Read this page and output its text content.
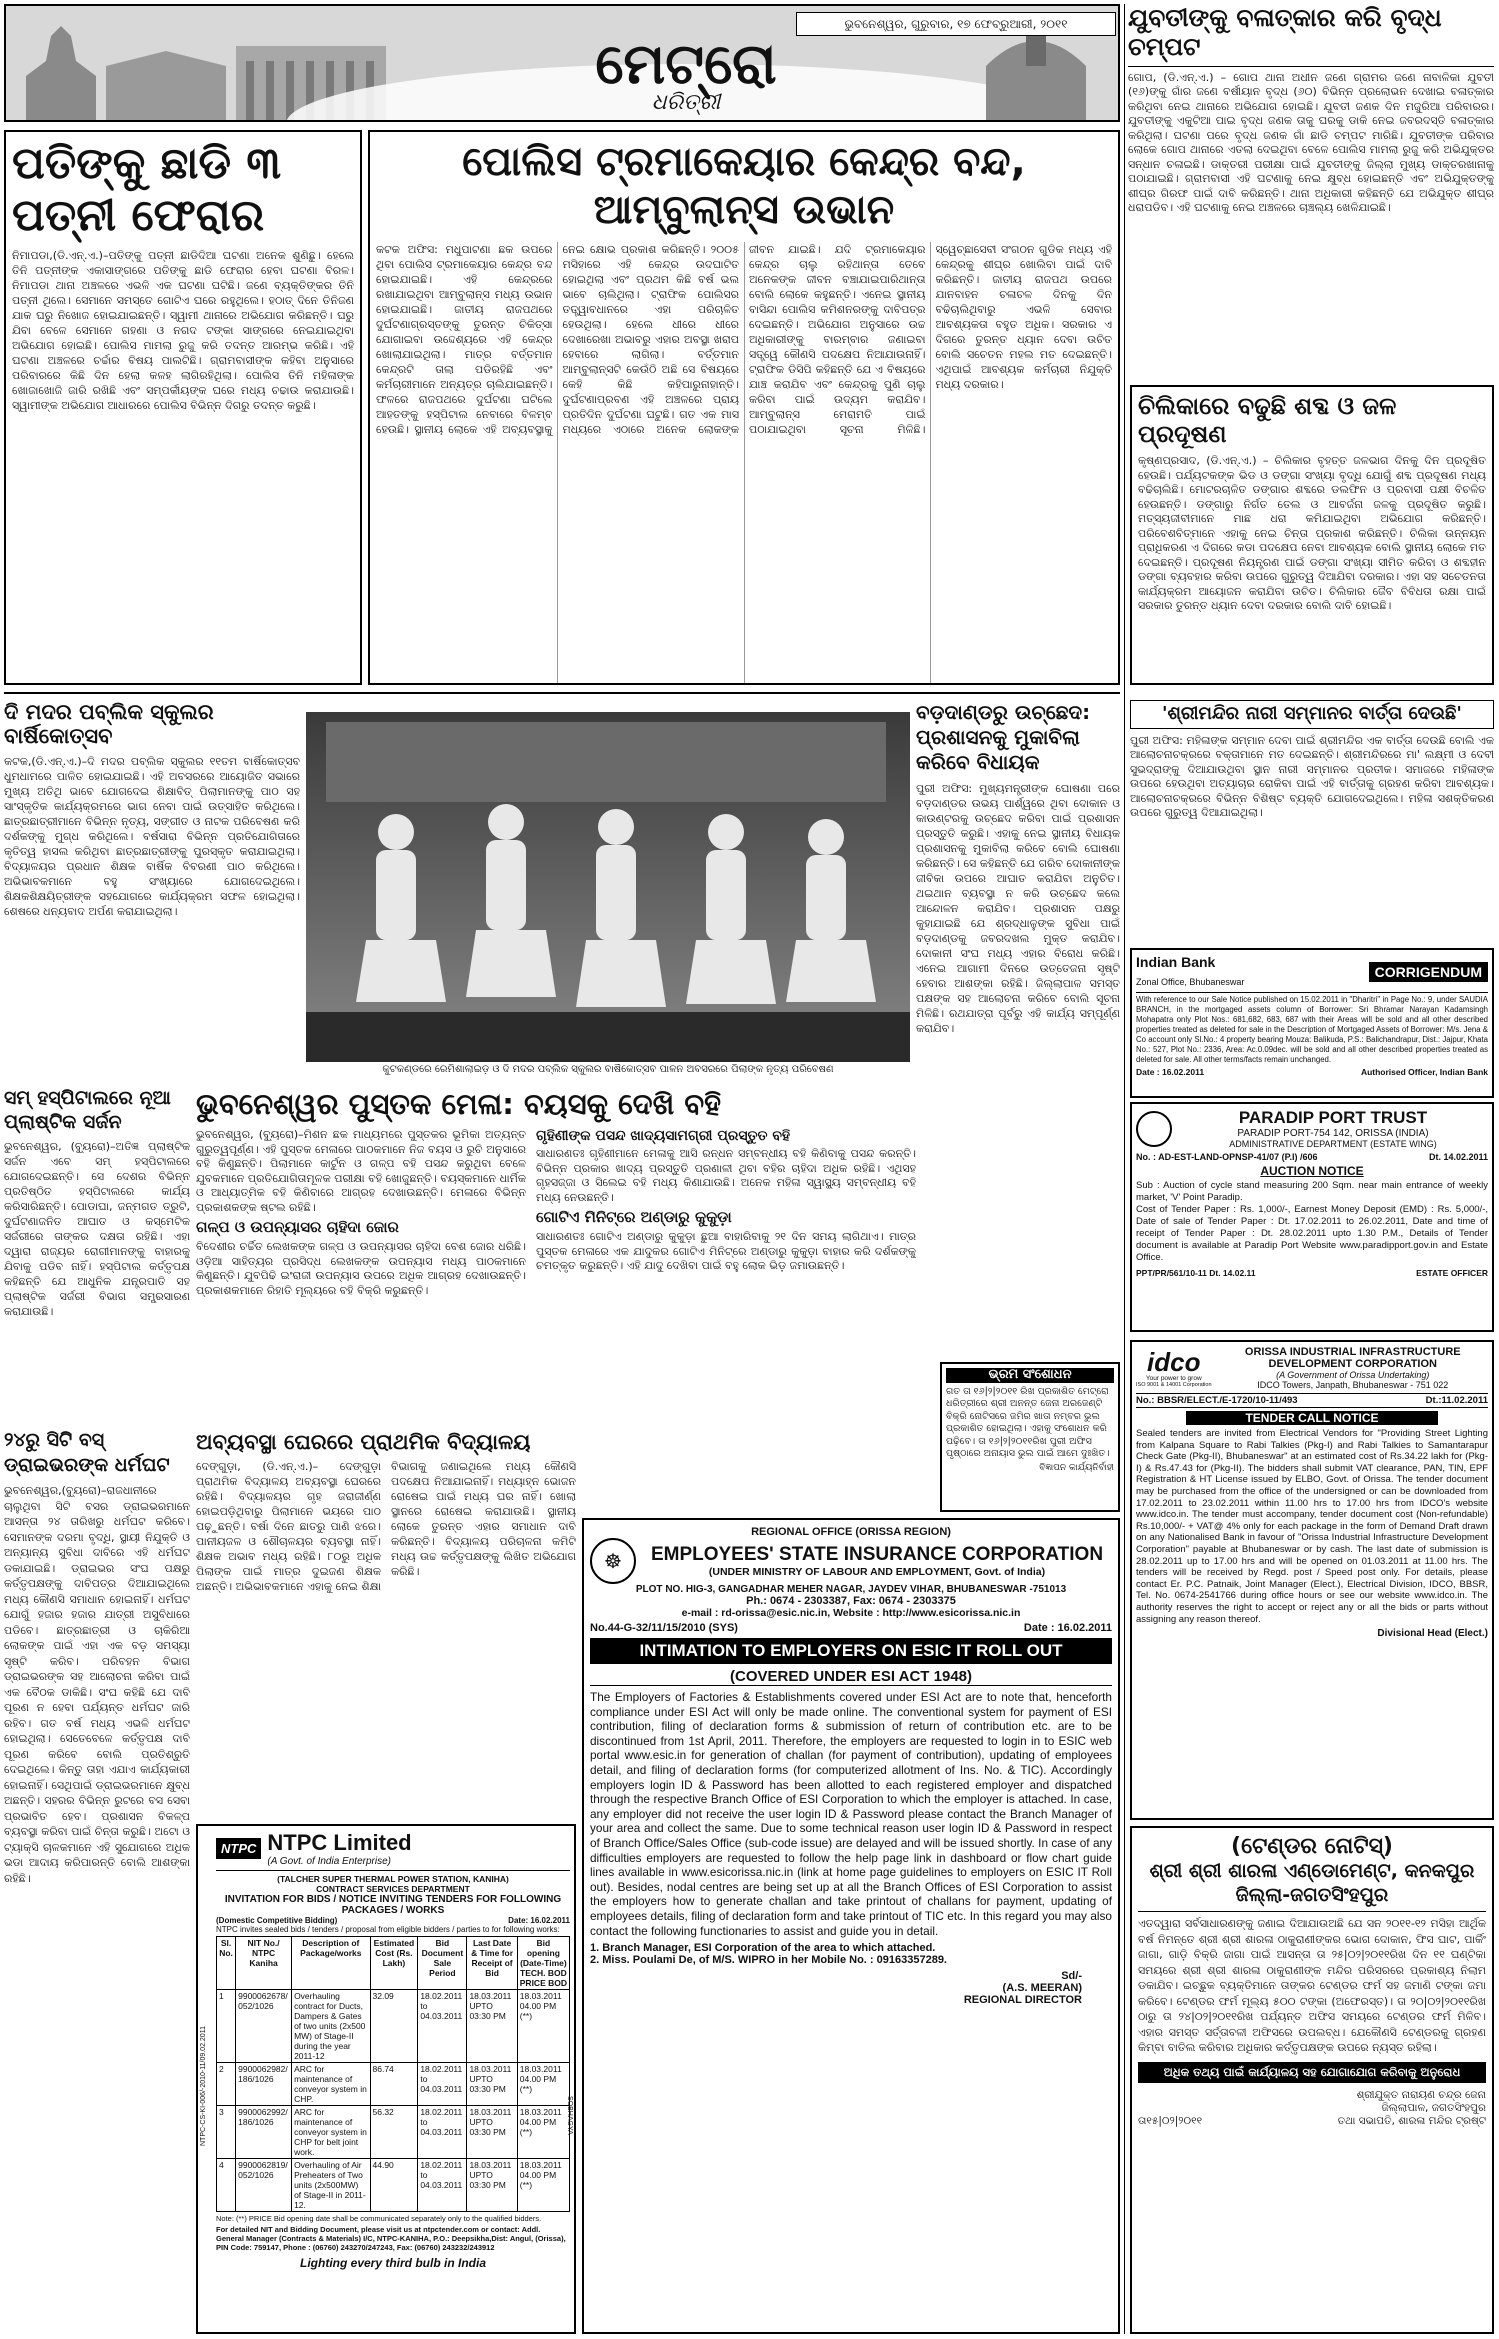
ଭୁବନେଶ୍ୱର, ଗୁରୁବାର, ୧୭ ଫେବ୍ରୁଆରୀ, ୨୦୧୧
ମେଟ୍ରୋ
ଧରିତ୍ରୀ
ଯୁବତୀଙ୍କୁ ବଳାତ୍କାର କରି ବୃଦ୍ଧ ଚମ୍ପଟ
ଗୋପ, (ଡି.ଏନ୍.ଏ.) – ଗୋପ ଥାନା ଅଧୀନ ଜଣେ ଗ୍ରାମର ଜଣେ ନାବାଳିକା ଯୁବତୀ (୧୬)ଙ୍କୁ ଗାଁର ଜଣେ ବର୍ଷୀୟାନ ବୃଦ୍ଧ (୬୦) ବିଭିନ୍ନ ପ୍ରଲୋଭନ ଦେଖାଇ ବଳାତ୍କାର କରିଥିବା ନେଇ ଥାନାରେ ଅଭିଯୋଗ ହୋଇଛି। ଯୁବତୀ ଜଣକ ଦିନ ମଜୁରିଆ ପରିବାରର। ଯୁବତୀଙ୍କୁ ଏକୁଟିଆ ପାଇ ବୃଦ୍ଧ ଜଣକ ତାକୁ ଘରକୁ ଡାକି ନେଇ ଜବରଦସ୍ତି ବଳାତ୍କାର କରିଥିଲା। ଘଟଣା ପରେ ବୃଦ୍ଧ ଜଣକ ଗାଁ ଛାଡି ଚମ୍ପଟ ମାରିଛି। ଯୁବତୀଙ୍କ ପରିବାର ଲୋକେ ଗୋପ ଥାନାରେ ଏତଲା ଦେଇଥିବା ବେଳେ ପୋଲିସ ମାମଲା ରୁଜୁ କରି ଅଭିଯୁକ୍ତର ସନ୍ଧାନ ଚଳାଇଛି। ଡାକ୍ତରୀ ପରୀକ୍ଷା ପାଇଁ ଯୁବତୀଙ୍କୁ ଜିଲ୍ଲା ମୁଖ୍ୟ ଡାକ୍ତରଖାନାକୁ ପଠାଯାଇଛି। ଗ୍ରାମବାସୀ ଏହି ଘଟଣାକୁ ନେଇ କ୍ଷୁବ୍ଧ ହୋଇଛନ୍ତି ଏବଂ ଅଭିଯୁକ୍ତଙ୍କୁ ଶୀଘ୍ର ଗିରଫ ପାଇଁ ଦାବି କରିଛନ୍ତି। ଥାନା ଅଧିକାରୀ କହିଛନ୍ତି ଯେ ଅଭିଯୁକ୍ତ ଶୀଘ୍ର ଧରାପଡିବ। ଏହି ଘଟଣାକୁ ନେଇ ଅଞ୍ଚଳରେ ଚାଞ୍ଚଲ୍ୟ ଖେଳିଯାଇଛି।
ପତିଙ୍କୁ ଛାଡି ୩ ପତ୍ନୀ ଫେରାର
ନିମାପଡା,(ଡି.ଏନ୍.ଏ.)–ପତିଙ୍କୁ ପତ୍ନୀ ଛାଡିଦିଆ ଘଟଣା ଅନେକ ଶୁଣିଛୁ। ହେଲେ ତିନି ପତ୍ନୀଙ୍କ ଏକାସାଙ୍ଗରେ ପତିଙ୍କୁ ଛାଡି ଫେରାର ହେବା ଘଟଣା ବିରଳ। ନିମାପଡା ଥାନା ଅଞ୍ଚଳରେ ଏଭଳି ଏକ ଘଟଣା ଘଟିଛି। ଜଣେ ବ୍ୟକ୍ତିଙ୍କର ତିନି ପତ୍ନୀ ଥିଲେ। ସେମାନେ ସମସ୍ତେ ଗୋଟିଏ ଘରେ ରହୁଥିଲେ। ହଠାତ୍ ଦିନେ ତିନିଜଣ ଯାକ ଘରୁ ନିଖୋଜ ହୋଇଯାଇଛନ୍ତି। ସ୍ୱାମୀ ଥାନାରେ ଅଭିଯୋଗ କରିଛନ୍ତି। ଘରୁ ଯିବା ବେଳେ ସେମାନେ ଗହଣା ଓ ନଗଦ ଟଙ୍କା ସାଙ୍ଗରେ ନେଇଯାଇଥିବା ଅଭିଯୋଗ ହୋଇଛି। ପୋଲିସ ମାମଲା ରୁଜୁ କରି ତଦନ୍ତ ଆରମ୍ଭ କରିଛି। ଏହି ଘଟଣା ଅଞ୍ଚଳରେ ଚର୍ଚ୍ଚାର ବିଷୟ ପାଲଟିଛି। ଗ୍ରାମବାସୀଙ୍କ କହିବା ଅନୁସାରେ ପରିବାରରେ କିଛି ଦିନ ହେଲା କଳହ ଲାଗିରହିଥିଲା। ପୋଲିସ ତିନି ମହିଳାଙ୍କ ଖୋଜାଖୋଜି ଜାରି ରଖିଛି ଏବଂ ସମ୍ପର୍କୀୟଙ୍କ ଘରେ ମଧ୍ୟ ଚଢାଉ କରାଯାଉଛି। ସ୍ୱାମୀଙ୍କ ଅଭିଯୋଗ ଆଧାରରେ ପୋଲିସ ବିଭିନ୍ନ ଦିଗରୁ ତଦନ୍ତ କରୁଛି।
ପୋଲିସ ଟ୍ରମାକେୟାର କେନ୍ଦ୍ର ବନ୍ଦ, ଆମ୍ବୁଲାନ୍ସ ଉଭାନ
କଟକ ଅଫିସ: ମଧୁପାଟଣା ଛକ ଉପରେ ଥିବା ପୋଲିସ ଟ୍ରମାକେୟାର କେନ୍ଦ୍ର ବନ୍ଦ ହୋଇଯାଇଛି। ଏହି କେନ୍ଦ୍ରରେ ରଖାଯାଇଥିବା ଆମ୍ବୁଲାନ୍ସ ମଧ୍ୟ ଉଭାନ ହୋଇଯାଇଛି। ଜାତୀୟ ରାଜପଥରେ ଦୁର୍ଘଟଣାଗ୍ରସ୍ତଙ୍କୁ ତୁରନ୍ତ ଚିକିତ୍ସା ଯୋଗାଇବା ଉଦ୍ଦେଶ୍ୟରେ ଏହି କେନ୍ଦ୍ର ଖୋଲାଯାଇଥିଲା। ମାତ୍ର ବର୍ତ୍ତମାନ କେନ୍ଦ୍ରଟି ତାଲା ପଡିରହିଛି ଏବଂ କର୍ମଚାରୀମାନେ ଅନ୍ୟତ୍ର ଚାଲିଯାଇଛନ୍ତି। ଫଳରେ ରାଜପଥରେ ଦୁର୍ଘଟଣା ଘଟିଲେ ଆହତଙ୍କୁ ହସ୍ପିଟାଲ ନେବାରେ ବିଳମ୍ବ ହେଉଛି। ସ୍ଥାନୀୟ ଲୋକେ ଏହି ଅବ୍ୟବସ୍ଥାକୁ ନେଇ କ୍ଷୋଭ ପ୍ରକାଶ କରିଛନ୍ତି। ୨୦୦୫ ମସିହାରେ ଏହି କେନ୍ଦ୍ର ଉଦଘାଟିତ ହୋଇଥିଲା ଏବଂ ପ୍ରଥମ କିଛି ବର୍ଷ ଭଲ ଭାବେ ଚାଲିଥିଲା। ଟ୍ରାଫିକ ପୋଲିସର ତତ୍ତ୍ୱାବଧାନରେ ଏହା ପରିଚାଳିତ ହେଉଥିଲା। ହେଲେ ଧୀରେ ଧୀରେ ଦେଖାରେଖା ଅଭାବରୁ ଏହାର ଅବସ୍ଥା ଖରାପ ହେବାରେ ଲାଗିଲା। ବର୍ତ୍ତମାନ ଆମ୍ବୁଲାନ୍ସଟି କେଉଁଠି ଅଛି ସେ ବିଷୟରେ କେହି କିଛି କହିପାରୁନାହାନ୍ତି। ଦୁର୍ଘଟଣାପ୍ରବଣ ଏହି ଅଞ୍ଚଳରେ ପ୍ରାୟ ପ୍ରତିଦିନ ଦୁର୍ଘଟଣା ଘଟୁଛି। ଗତ ଏକ ମାସ ମଧ୍ୟରେ ଏଠାରେ ଅନେକ ଲୋକଙ୍କ ଜୀବନ ଯାଇଛି। ଯଦି ଟ୍ରମାକେୟାର କେନ୍ଦ୍ର ଚାଲୁ ରହିଥାନ୍ତା ତେବେ ଅନେକଙ୍କ ଜୀବନ ବଞ୍ଚାଯାଇପାରିଥାନ୍ତା ବୋଲି ଲୋକେ କହୁଛନ୍ତି। ଏନେଇ ସ୍ଥାନୀୟ ବାସିନ୍ଦା ପୋଲିସ କମିଶନରଙ୍କୁ ଦାବିପତ୍ର ଦେଇଛନ୍ତି। ଅଭିଯୋଗ ଅନୁସାରେ ଉଚ୍ଚ ଅଧିକାରୀଙ୍କୁ ବାରମ୍ବାର ଜଣାଇବା ସତ୍ତ୍ୱେ କୌଣସି ପଦକ୍ଷେପ ନିଆଯାଉନାହିଁ। ଟ୍ରାଫିକ ଡିସିପି କହିଛନ୍ତି ଯେ ଏ ବିଷୟରେ ଯାଞ୍ଚ କରାଯିବ ଏବଂ କେନ୍ଦ୍ରକୁ ପୁଣି ଚାଲୁ କରିବା ପାଇଁ ଉଦ୍ୟମ କରାଯିବ। ଆମ୍ବୁଲାନ୍ସ ମେରାମତି ପାଇଁ ପଠାଯାଇଥିବା ସୂଚନା ମିଳିଛି। ସ୍ୱେଚ୍ଛାସେବୀ ସଂଗଠନ ଗୁଡିକ ମଧ୍ୟ ଏହି କେନ୍ଦ୍ରକୁ ଶୀଘ୍ର ଖୋଲିବା ପାଇଁ ଦାବି କରିଛନ୍ତି। ଜାତୀୟ ରାଜପଥ ଉପରେ ଯାନବାହନ ଚଳାଚଳ ଦିନକୁ ଦିନ ବଢିଚାଲିଥିବାରୁ ଏଭଳି ସେବାର ଆବଶ୍ୟକତା ବହୁତ ଅଧିକ। ସରକାର ଏ ଦିଗରେ ତୁରନ୍ତ ଧ୍ୟାନ ଦେବା ଉଚିତ ବୋଲି ସଚେତନ ମହଲ ମତ ଦେଇଛନ୍ତି। ଏଥିପାଇଁ ଆବଶ୍ୟକ କର୍ମଚାରୀ ନିଯୁକ୍ତି ମଧ୍ୟ ଦରକାର।
ଚିଲିକାରେ ବଢୁଛି ଶବ୍ଦ ଓ ଜଳ ପ୍ରଦୂଷଣ
କୃଷ୍ଣପ୍ରସାଦ, (ଡି.ଏନ୍.ଏ.) – ଚିଲିକାର ବୃହତ୍ତ ଜଳଭାଗ ଦିନକୁ ଦିନ ପ୍ରଦୂଷିତ ହେଉଛି। ପର୍ଯ୍ୟଟକଙ୍କ ଭିଡ ଓ ଡଙ୍ଗା ସଂଖ୍ୟା ବୃଦ୍ଧି ଯୋଗୁଁ ଶବ୍ଦ ପ୍ରଦୂଷଣ ମଧ୍ୟ ବଢିଚାଲିଛି। ମୋଟରଚାଳିତ ଡଙ୍ଗାର ଶବ୍ଦରେ ଡଲଫିନ ଓ ପ୍ରବାସୀ ପକ୍ଷୀ ବିଚଳିତ ହେଉଛନ୍ତି। ଡଙ୍ଗାରୁ ନିର୍ଗତ ତେଲ ଓ ଆବର୍ଜନା ଜଳକୁ ପ୍ରଦୂଷିତ କରୁଛି। ମତ୍ସ୍ୟଜୀବୀମାନେ ମାଛ ଧରା କମିଯାଇଥିବା ଅଭିଯୋଗ କରିଛନ୍ତି। ପରିବେଶବିତ୍‌ମାନେ ଏହାକୁ ନେଇ ଚିନ୍ତା ପ୍ରକାଶ କରିଛନ୍ତି। ଚିଲିକା ଉନ୍ନୟନ ପ୍ରାଧିକରଣ ଏ ଦିଗରେ କଡା ପଦକ୍ଷେପ ନେବା ଆବଶ୍ୟକ ବୋଲି ସ୍ଥାନୀୟ ଲୋକେ ମତ ଦେଇଛନ୍ତି। ପ୍ରଦୂଷଣ ନିୟନ୍ତ୍ରଣ ପାଇଁ ଡଙ୍ଗା ସଂଖ୍ୟା ସୀମିତ କରିବା ଓ ଶବ୍ଦହୀନ ଡଙ୍ଗା ବ୍ୟବହାର କରିବା ଉପରେ ଗୁରୁତ୍ୱ ଦିଆଯିବା ଦରକାର। ଏହା ସହ ସଚେତନତା କାର୍ଯ୍ୟକ୍ରମ ଆୟୋଜନ କରାଯିବା ଉଚିତ। ଚିଲିକାର ଜୈବ ବିବିଧତା ରକ୍ଷା ପାଇଁ ସରକାର ତୁରନ୍ତ ଧ୍ୟାନ ଦେବା ଦରକାର ବୋଲି ଦାବି ହୋଇଛି।
ଦି ମଦର ପବ୍ଲିକ ସ୍କୁଲର ବାର୍ଷିକୋତ୍ସବ
କଟକ,(ଡି.ଏନ୍.ଏ.)–ଦି ମଦର ପବ୍ଲିକ ସ୍କୁଲର ୧୧ତମ ବାର୍ଷିକୋତ୍ସବ ଧୁମଧାମରେ ପାଳିତ ହୋଇଯାଇଛି। ଏହି ଅବସରରେ ଆୟୋଜିତ ସଭାରେ ମୁଖ୍ୟ ଅତିଥି ଭାବେ ଯୋଗଦେଇ ଶିକ୍ଷାବିତ୍ ପିଲାମାନଙ୍କୁ ପାଠ ସହ ସାଂସ୍କୃତିକ କାର୍ଯ୍ୟକ୍ରମରେ ଭାଗ ନେବା ପାଇଁ ଉତ୍ସାହିତ କରିଥିଲେ। ଛାତ୍ରଛାତ୍ରୀମାନେ ବିଭିନ୍ନ ନୃତ୍ୟ, ସଙ୍ଗୀତ ଓ ନାଟକ ପରିବେଷଣ କରି ଦର୍ଶକଙ୍କୁ ମୁଗ୍ଧ କରିଥିଲେ। ବର୍ଷସାରା ବିଭିନ୍ନ ପ୍ରତିଯୋଗିତାରେ କୃତିତ୍ୱ ହାସଲ କରିଥିବା ଛାତ୍ରଛାତ୍ରୀଙ୍କୁ ପୁରସ୍କୃତ କରାଯାଇଥିଲା। ବିଦ୍ୟାଳୟର ପ୍ରଧାନ ଶିକ୍ଷକ ବାର୍ଷିକ ବିବରଣୀ ପାଠ କରିଥିଲେ। ଅଭିଭାବକମାନେ ବହୁ ସଂଖ୍ୟାରେ ଯୋଗଦେଇଥିଲେ। ଶିକ୍ଷକଶିକ୍ଷୟିତ୍ରୀଙ୍କ ସହଯୋଗରେ କାର୍ଯ୍ୟକ୍ରମ ସଫଳ ହୋଇଥିଲା। ଶେଷରେ ଧନ୍ୟବାଦ ଅର୍ପଣ କରାଯାଇଥିଲା।
କୁଟକଣ୍ଡରେ ରେମିଶାଲାଇଡ଼ ଓ ଦି ମଦର ପବ୍ଲିକ ସ୍କୁଲର ବାର୍ଷିକୋତ୍ସବ ପାଳନ ଅବସରରେ ପିଲାଙ୍କ ନୃତ୍ୟ ପରିବେଷଣ
ବଡ଼ଦାଣ୍ଡରୁ ଉଚ୍ଛେଦ: ପ୍ରଶାସନକୁ ମୁକାବିଲା କରିବେ ବିଧାୟକ
ପୁରୀ ଅଫିସ: ମୁଖ୍ୟମନ୍ତ୍ରୀଙ୍କ ଘୋଷଣା ପରେ ବଡ଼ଦାଣ୍ଡର ଉଭୟ ପାର୍ଶ୍ୱରେ ଥିବା ଦୋକାନ ଓ କାଉଣ୍ଟରକୁ ଉଚ୍ଛେଦ କରିବା ପାଇଁ ପ୍ରଶାସନ ପ୍ରସ୍ତୁତି କରୁଛି। ଏହାକୁ ନେଇ ସ୍ଥାନୀୟ ବିଧାୟକ ପ୍ରଶାସନକୁ ମୁକାବିଲା କରିବେ ବୋଲି ଘୋଷଣା କରିଛନ୍ତି। ସେ କହିଛନ୍ତି ଯେ ଗରିବ ଦୋକାନୀଙ୍କ ଜୀବିକା ଉପରେ ଆଘାତ କରାଯିବା ଅନୁଚିତ। ଥଇଥାନ ବ୍ୟବସ୍ଥା ନ କରି ଉଚ୍ଛେଦ କଲେ ଆନ୍ଦୋଳନ କରାଯିବ। ପ୍ରଶାସନ ପକ୍ଷରୁ କୁହାଯାଇଛି ଯେ ଶ୍ରଦ୍ଧାଳୁଙ୍କ ସୁବିଧା ପାଇଁ ବଡ଼ଦାଣ୍ଡକୁ ଜବରଦଖଲ ମୁକ୍ତ କରାଯିବ। ଦୋକାନୀ ସଂଘ ମଧ୍ୟ ଏହାର ବିରୋଧ କରିଛି। ଏନେଇ ଆଗାମୀ ଦିନରେ ଉତ୍ତେଜନା ସୃଷ୍ଟି ହେବାର ଆଶଙ୍କା ରହିଛି। ଜିଲ୍ଲାପାଳ ସମସ୍ତ ପକ୍ଷଙ୍କ ସହ ଆଲୋଚନା କରିବେ ବୋଲି ସୂଚନା ମିଳିଛି। ରଥଯାତ୍ରା ପୂର୍ବରୁ ଏହି କାର୍ଯ୍ୟ ସମ୍ପୂର୍ଣ୍ଣ କରାଯିବ।
'ଶ୍ରୀମନ୍ଦିର ନାରୀ ସମ୍ମାନର ବାର୍ତ୍ତା ଦେଉଛି'
ପୁରୀ ଅଫିସ: ମହିଳାଙ୍କ ସମ୍ମାନ ଦେବା ପାଇଁ ଶ୍ରୀମନ୍ଦିର ଏକ ବାର୍ତ୍ତା ଦେଉଛି ବୋଲି ଏକ ଆଲୋଚନାଚକ୍ରରେ ବକ୍ତାମାନେ ମତ ଦେଇଛନ୍ତି। ଶ୍ରୀମନ୍ଦିରରେ ମା' ଲକ୍ଷ୍ମୀ ଓ ଦେବୀ ସୁଭଦ୍ରାଙ୍କୁ ଦିଆଯାଉଥିବା ସ୍ଥାନ ନାରୀ ସମ୍ମାନର ପ୍ରତୀକ। ସମାଜରେ ମହିଳାଙ୍କ ଉପରେ ହେଉଥିବା ଅତ୍ୟାଚାର ରୋକିବା ପାଇଁ ଏହି ବାର୍ତ୍ତାକୁ ଗ୍ରହଣ କରିବା ଆବଶ୍ୟକ। ଆଲୋଚନାଚକ୍ରରେ ବିଭିନ୍ନ ବିଶିଷ୍ଟ ବ୍ୟକ୍ତି ଯୋଗଦେଇଥିଲେ। ମହିଳା ସଶକ୍ତିକରଣ ଉପରେ ଗୁରୁତ୍ୱ ଦିଆଯାଇଥିଲା।
Indian Bank
Zonal Office, Bhubaneswar
CORRIGENDUM
With reference to our Sale Notice published on 15.02.2011 in "Dharitri" in Page No.: 9, under SAUDIA BRANCH, in the mortgaged assets column of Borrower: Sri Bhramar Narayan Kadamsingh Mohapatra only Plot Nos.: 681,682, 683, 687 with their Areas will be sold and all other described properties treated as deleted for sale in the Description of Mortgaged Assets of Borrower: M/s. Jena & Co account only Sl.No.: 4 property bearing Mouza: Balikuda, P.S.: Balichandrapur, Dist.: Jajpur, Khata No.: 527, Plot No.: 2336, Area: Ac.0.09dec. will be sold and all other described properties treated as deleted for sale. All other terms/facts remain unchanged.
Date : 16.02.2011	Authorised Officer, Indian Bank
PARADIP PORT TRUST
PARADIP PORT-754 142, ORISSA (INDIA)
ADMINISTRATIVE DEPARTMENT (ESTATE WING)
No. : AD-EST-LAND-OPNSP-41/07 (P.I) /606	Dt. 14.02.2011
AUCTION NOTICE
Sub : Auction of cycle stand measuring 200 Sqm. near main entrance of weekly market, 'V' Point Paradip.
Cost of Tender Paper : Rs. 1,000/-, Earnest Money Deposit (EMD) : Rs. 5,000/-, Date of sale of Tender Paper : Dt. 17.02.2011 to 26.02.2011, Date and time of receipt of Tender Paper : Dt. 28.02.2011 upto 1.30 P.M., Details of Tender document is available at Paradip Port Website www.paradipport.gov.in and Estate Office.
PPT/PR/561/10-11 Dt. 14.02.11	ESTATE OFFICER
ସମ୍ ହସ୍ପିଟାଲରେ ନୂଆ ପ୍ଲାଷ୍ଟିକ ସର୍ଜନ
ଭୁବନେଶ୍ୱର, (ବ୍ୟୁରୋ)–ଅତିଜ୍ଞ ପ୍ଲାଷ୍ଟିକ ସର୍ଜନ ଏବେ ସମ୍ ହସ୍ପିଟାଲରେ ଯୋଗଦେଇଛନ୍ତି। ସେ ଦେଶର ବିଭିନ୍ନ ପ୍ରତିଷ୍ଠିତ ହସ୍ପିଟାଲରେ କାର୍ଯ୍ୟ କରିସାରିଛନ୍ତି। ପୋଡାଘା, ଜନ୍ମଗତ ତ୍ରୁଟି, ଦୁର୍ଘଟଣାଜନିତ ଆଘାତ ଓ କସ୍ମେଟିକ ସର୍ଜରୀରେ ତାଙ୍କର ଦକ୍ଷତା ରହିଛି। ଏହା ଦ୍ୱାରା ରାଜ୍ୟର ରୋଗୀମାନଙ୍କୁ ବାହାରକୁ ଯିବାକୁ ପଡିବ ନାହିଁ। ହସ୍ପିଟାଲ କର୍ତ୍ତୃପକ୍ଷ କହିଛନ୍ତି ଯେ ଆଧୁନିକ ଯନ୍ତ୍ରପାତି ସହ ପ୍ଲାଷ୍ଟିକ ସର୍ଜରୀ ବିଭାଗ ସମ୍ପ୍ରସାରଣ କରାଯାଉଛି।
ଭୁବନେଶ୍ୱର ପୁସ୍ତକ ମେଳା: ବୟସକୁ ଦେଖି ବହି
ଭୁବନେଶ୍ୱର, (ବ୍ୟୁରୋ)–ମିଶନ ଛକ ମାଧ୍ୟମରେ ପୁସ୍ତକର ଭୂମିକା ଅତ୍ୟନ୍ତ ଗୁରୁତ୍ୱପୂର୍ଣ୍ଣ। ଏହି ପୁସ୍ତକ ମେଳାରେ ପାଠକମାନେ ନିଜ ବୟସ ଓ ରୁଚି ଅନୁସାରେ ବହି କିଣୁଛନ୍ତି। ପିଲାମାନେ କାର୍ଟୁନ ଓ ଗଳ୍ପ ବହି ପସନ୍ଦ କରୁଥିବା ବେଳେ ଯୁବକମାନେ ପ୍ରତିଯୋଗିତାମୂଳକ ପରୀକ୍ଷା ବହି ଖୋଜୁଛନ୍ତି। ବୟସ୍କମାନେ ଧାର୍ମିକ ଓ ଆଧ୍ୟାତ୍ମିକ ବହି କିଣିବାରେ ଆଗ୍ରହ ଦେଖାଉଛନ୍ତି। ମେଳାରେ ବିଭିନ୍ନ ପ୍ରକାଶକଙ୍କ ଷ୍ଟଲ ରହିଛି।
ଗଳ୍ପ ଓ ଉପନ୍ୟାସର ଚାହିଦା ଜୋର
ବିଦେଶୀର ଚର୍ଚ୍ଚିତ ଲେଖକଙ୍କ ଗଳ୍ପ ଓ ଉପନ୍ୟାସର ଚାହିଦା ବେଶ ଜୋର ଧରିଛି। ଓଡ଼ିଆ ସାହିତ୍ୟର ପ୍ରସିଦ୍ଧ ଲେଖକଙ୍କ ଉପନ୍ୟାସ ମଧ୍ୟ ପାଠକମାନେ କିଣୁଛନ୍ତି। ଯୁବପିଢି ଇଂରାଜୀ ଉପନ୍ୟାସ ଉପରେ ଅଧିକ ଆଗ୍ରହ ଦେଖାଉଛନ୍ତି। ପ୍ରକାଶକମାନେ ରିହାତି ମୂଲ୍ୟରେ ବହି ବିକ୍ରି କରୁଛନ୍ତି।
ଗୃହିଣୀଙ୍କ ପସନ୍ଦ ଖାଦ୍ୟସାମଗ୍ରୀ ପ୍ରସ୍ତୁତ ବହି
ସାଧାରଣତଃ ଗୃହିଣୀମାନେ ମେଳାକୁ ଆସି ରନ୍ଧନ ସମ୍ବନ୍ଧୀୟ ବହି କିଣିବାକୁ ପସନ୍ଦ କରନ୍ତି। ବିଭିନ୍ନ ପ୍ରକାର ଖାଦ୍ୟ ପ୍ରସ୍ତୁତି ପ୍ରଣାଳୀ ଥିବା ବହିର ଚାହିଦା ଅଧିକ ରହିଛି। ଏଥିସହ ଗୃହସଜ୍ଜା ଓ ସିଲେଇ ବହି ମଧ୍ୟ କିଣାଯାଉଛି। ଅନେକ ମହିଳା ସ୍ୱାସ୍ଥ୍ୟ ସମ୍ବନ୍ଧୀୟ ବହି ମଧ୍ୟ ନେଉଛନ୍ତି।
ଗୋଟିଏ ମିନିଟ୍‌ରେ ଅଣ୍ଡାରୁ କୁକୁଡ଼ା
ସାଧାରଣତଃ ଗୋଟିଏ ଅଣ୍ଡାରୁ କୁକୁଡ଼ା ଛୁଆ ବାହାରିବାକୁ ୨୧ ଦିନ ସମୟ ଲାଗିଥାଏ। ମାତ୍ର ପୁସ୍ତକ ମେଳାରେ ଏକ ଯାଦୁକର ଗୋଟିଏ ମିନିଟ୍‌ରେ ଅଣ୍ଡାରୁ କୁକୁଡ଼ା ବାହାର କରି ଦର୍ଶକଙ୍କୁ ଚମତ୍କୃତ କରୁଛନ୍ତି। ଏହି ଯାଦୁ ଦେଖିବା ପାଇଁ ବହୁ ଲୋକ ଭିଡ଼ ଜମାଉଛନ୍ତି।
ଭ୍ରମ ସଂଶୋଧନ
ଗତ ତା ୧୬|୨|୨୦୧୧ ରିଖ ପ୍ରକାଶିତ ମେଟ୍ରୋ ଧରିତ୍ରୀରେ ଶ୍ରୀ ଅନନ୍ତ ଜେନା ଅରଜେଣ୍ଟି ବିକ୍ରି ନୋଟିସରେ ଜମିର ଖାତା ନମ୍ବର ଭୁଲ ପ୍ରକାଶିତ ହୋଇଥିଲା। ଏହାକୁ ସଂଶୋଧନ କରି ପଢ଼ିବେ। ତା ୧୬|୨|୨୦୧୧ରିଖ ପୁରୀ ଅଫିସ ପୃଷ୍ଠାରେ ଅନାୟାସ ଭୁଲ ପାଇଁ ଆମେ ଦୁଃଖିତ।
ବିଜ୍ଞାପନ କାର୍ଯ୍ୟନିର୍ବାହୀ
୨୪ରୁ ସିଟି ବସ୍ ଡ୍ରାଇଭରଙ୍କ ଧର୍ମଘଟ
ଭୁବନେଶ୍ୱର,(ବ୍ୟୁରୋ)–ରାଜଧାନୀରେ ଚାଲୁଥିବା ସିଟି ବସର ଡ୍ରାଇଭରମାନେ ଆସନ୍ତା ୨୪ ତାରିଖରୁ ଧର୍ମଘଟ କରିବେ। ସେମାନଙ୍କ ଦରମା ବୃଦ୍ଧି, ସ୍ଥାୟୀ ନିଯୁକ୍ତି ଓ ଅନ୍ୟାନ୍ୟ ସୁବିଧା ଦାବିରେ ଏହି ଧର୍ମଘଟ ଡକାଯାଇଛି। ଡ୍ରାଇଭର ସଂଘ ପକ୍ଷରୁ କର୍ତ୍ତୃପକ୍ଷଙ୍କୁ ଦାବିପତ୍ର ଦିଆଯାଇଥିଲେ ମଧ୍ୟ କୌଣସି ସମାଧାନ ହୋଇନାହିଁ। ଧର୍ମଘଟ ଯୋଗୁଁ ହଜାର ହଜାର ଯାତ୍ରୀ ଅସୁବିଧାରେ ପଡିବେ। ଛାତ୍ରଛାତ୍ରୀ ଓ ଚାକିରିଆ ଲୋକଙ୍କ ପାଇଁ ଏହା ଏକ ବଡ଼ ସମସ୍ୟା ସୃଷ୍ଟି କରିବ। ପରିବହନ ବିଭାଗ ଡ୍ରାଇଭରଙ୍କ ସହ ଆଲୋଚନା କରିବା ପାଇଁ ଏକ ବୈଠକ ଡାକିଛି। ସଂଘ କହିଛି ଯେ ଦାବି ପୂରଣ ନ ହେବା ପର୍ଯ୍ୟନ୍ତ ଧର୍ମଘଟ ଜାରି ରହିବ। ଗତ ବର୍ଷ ମଧ୍ୟ ଏଭଳି ଧର୍ମଘଟ ହୋଇଥିଲା। ସେତେବେଳେ କର୍ତ୍ତୃପକ୍ଷ ଦାବି ପୂରଣ କରିବେ ବୋଲି ପ୍ରତିଶ୍ରୁତି ଦେଇଥିଲେ। କିନ୍ତୁ ତାହା ଏଯାଏ କାର୍ଯ୍ୟକାରୀ ହୋଇନାହିଁ। ସେଥିପାଇଁ ଡ୍ରାଇଭରମାନେ କ୍ଷୁବ୍ଧ ଅଛନ୍ତି। ସହରର ବିଭିନ୍ନ ରୁଟରେ ବସ ସେବା ପ୍ରଭାବିତ ହେବ। ପ୍ରଶାସନ ବିକଳ୍ପ ବ୍ୟବସ୍ଥା କରିବା ପାଇଁ ଚିନ୍ତା କରୁଛି। ଅଟୋ ଓ ଟ୍ୟାକ୍ସି ଚାଳକମାନେ ଏହି ସୁଯୋଗରେ ଅଧିକ ଭଡା ଆଦାୟ କରିପାରନ୍ତି ବୋଲି ଆଶଙ୍କା ରହିଛି।
ଅବ୍ୟବସ୍ଥା ଘେରରେ ପ୍ରାଥମିକ ବିଦ୍ୟାଳୟ
ଦେଙ୍ଗୁଡ଼ା, (ଡି.ଏନ୍.ଏ.)– ଦେଙ୍ଗୁଡ଼ା ପ୍ରାଥମିକ ବିଦ୍ୟାଳୟ ଅବ୍ୟବସ୍ଥା ଘେରରେ ରହିଛି। ବିଦ୍ୟାଳୟର ଗୃହ ଜରାଜୀର୍ଣ୍ଣ ହୋଇପଡ଼ିଥିବାରୁ ପିଲାମାନେ ଭୟରେ ପାଠ ପଢ଼ୁଛନ୍ତି। ବର୍ଷା ଦିନେ ଛାତରୁ ପାଣି ଝରେ। ପାନୀୟଜଳ ଓ ଶୌଚାଳୟର ବ୍ୟବସ୍ଥା ନାହିଁ। ଶିକ୍ଷକ ଅଭାବ ମଧ୍ୟ ରହିଛି। ୮୦ରୁ ଅଧିକ ପିଲାଙ୍କ ପାଇଁ ମାତ୍ର ଦୁଇଜଣ ଶିକ୍ଷକ ଅଛନ୍ତି। ଅଭିଭାବକମାନେ ଏହାକୁ ନେଇ ଶିକ୍ଷା ବିଭାଗକୁ ଜଣାଇଥିଲେ ମଧ୍ୟ କୌଣସି ପଦକ୍ଷେପ ନିଆଯାଇନାହିଁ। ମଧ୍ୟାହ୍ନ ଭୋଜନ ରୋଷେଇ ପାଇଁ ମଧ୍ୟ ଘର ନାହିଁ। ଖୋଲା ସ୍ଥାନରେ ରୋଷେଇ କରାଯାଉଛି। ସ୍ଥାନୀୟ ଲୋକେ ତୁରନ୍ତ ଏହାର ସମାଧାନ ଦାବି କରିଛନ୍ତି। ବିଦ୍ୟାଳୟ ପରିଚାଳନା କମିଟି ମଧ୍ୟ ଉଚ୍ଚ କର୍ତ୍ତୃପକ୍ଷଙ୍କୁ ଲିଖିତ ଅଭିଯୋଗ କରିଛି।
REGIONAL OFFICE (ORISSA REGION)
☸	EMPLOYEES' STATE INSURANCE CORPORATION
(UNDER MINISTRY OF LABOUR AND EMPLOYMENT, Govt. of India)
PLOT NO. HIG-3, GANGADHAR MEHER NAGAR, JAYDEV VIHAR, BHUBANESWAR -751013
Ph.: 0674 - 2303387, Fax: 0674 - 2303375
e-mail : rd-orissa@esic.nic.in, Website : http://www.esicorissa.nic.in
No.44-G-32/11/15/2010 (SYS)	Date : 16.02.2011
INTIMATION TO EMPLOYERS ON ESIC IT ROLL OUT
(COVERED UNDER ESI ACT 1948)
The Employers of Factories & Establishments covered under ESI Act are to note that, henceforth compliance under ESI Act will only be made online. The conventional system for payment of ESI contribution, filing of declaration forms & submission of return of contribution etc. are to be discontinued from 1st April, 2011. Therefore, the employers are requested to login in to ESIC web portal www.esic.in for generation of challan (for payment of contribution), updating of employees detail, and filing of declaration forms (for computerized allotment of Ins. No. & TIC). Accordingly employers login ID & Password has been allotted to each registered employer and dispatched through the respective Branch Office of ESI Corporation to which the employer is attached. In case, any employer did not receive the user login ID & Password please contact the Branch Manager of your area and collect the same. Due to some technical reason user login ID & Password in respect of Branch Office/Sales Office (sub-code issue) are delayed and will be issued shortly. In case of any difficulties employers are requested to follow the help page link in dashboard or flow chart guide lines available in www.esicorissa.nic.in (link at home page guidelines to employers on ESIC IT Roll out). Besides, nodal centres are being set up at all the Branch Offices of ESI Corporation to assist the employers how to generate challan and take printout of challans for payment, updating of employees details, filing of declaration form and take printout of TIC etc. In this regard you may also contact the following functionaries to assist and guide you in detail.
1. Branch Manager, ESI Corporation of the area to which attached.
2. Miss. Poulami De, of M/S. WIPRO in her Mobile No. : 09163357289.
Sd/-
(A.S. MEERAN)
REGIONAL DIRECTOR
NTPC-CS-KI-006/-2010-11/09.02.2011
NTPC NTPC Limited
(A Govt. of India Enterprise)
(TALCHER SUPER THERMAL POWER STATION, KANIHA)
CONTRACT SERVICES DEPARTMENT
INVITATION FOR BIDS / NOTICE INVITING TENDERS FOR FOLLOWING PACKAGES / WORKS
(Domestic Competitive Bidding)	Date: 16.02.2011
NTPC invites sealed bids / tenders / proposal from eligible bidders / parties to for following works:
Sl. No.	NIT No./ NTPC Kaniha	Description of Package/works	Estimated Cost (Rs. Lakh)	Bid Document Sale Period	Last Date & Time for Receipt of Bid	Bid opening (Date-Time) TECH. BOD PRICE BOD
1	9900062678/ 052/1026	Overhauling contract for Ducts, Dampers & Gates of two units (2x500 MW) of Stage-II during the year 2011-12	32.09	18.02.2011 to 04.03.2011	18.03.2011 UPTO 03:30 PM	18.03.2011 04.00 PM (**)
2	9900062982/ 186/1026	ARC for maintenance of conveyor system in CHP.	86.74	18.02.2011 to 04.03.2011	18.03.2011 UPTO 03:30 PM	18.03.2011 04.00 PM (**)
3	9900062992/ 186/1026	ARC for maintenance of conveyor system in CHP for belt joint work.	56.32	18.02.2011 to 04.03.2011	18.03.2011 UPTO 03:30 PM	18.03.2011 04.00 PM (**)
4	9900062819/ 052/1026	Overhauling of Air Preheaters of Two units (2x500MW) of Stage-II in 2011-12.	44.90	18.02.2011 to 04.03.2011	18.03.2011 UPTO 03:30 PM	18.03.2011 04.00 PM (**)
Note: (**) PRICE Bid opening date shall be communicated separately only to the qualified bidders.
For detailed NIT and Bidding Document, please visit us at ntpctender.com or contact: Addl. General Manager (Contracts & Materials) I/C, NTPC-KANIHA, P.O.: Deepsikha,Dist: Angul, (Orissa), PIN Code: 759147, Phone : (06760) 243270/247243, Fax: (06760) 243232/243912
Lighting every third bulb in India
SOBHAGYA
idco
Your power to grow
ISO 9001 & 14001 Corporation
ORISSA INDUSTRIAL INFRASTRUCTURE DEVELOPMENT CORPORATION
(A Government of Orissa Undertaking)
IDCO Towers, Janpath, Bhubaneswar - 751 022
No.: BBSR/ELECT./E-1720/10-11/493	Dt.:11.02.2011
TENDER CALL NOTICE
Sealed tenders are invited from Electrical Vendors for "Providing Street Lighting from Kalpana Square to Rabi Talkies (Pkg-I) and Rabi Talkies to Samantarapur Check Gate (Pkg-II), Bhubaneswar" at an estimated cost of Rs.34.22 lakh for (Pkg-I) & Rs.47.43 for (Pkg-II). The bidders shall submit VAT clearance, PAN, TIN, EPF Registration & HT License issued by ELBO, Govt. of Orissa. The tender document may be purchased from the office of the undersigned or can be downloaded from 17.02.2011 to 23.02.2011 within 11.00 hrs to 17.00 hrs from IDCO's website www.idco.in. The tender must accompany, tender document cost (Non-refundable) Rs.10,000/- + VAT@ 4% only for each package in the form of Demand Draft drawn on any Nationalised Bank in favour of "Orissa Industrial Infrastructure Development Corporation" payable at Bhubaneswar or by cash. The last date of submission is 28.02.2011 up to 17.00 hrs and will be opened on 01.03.2011 at 11.00 hrs. The tenders will be received by Regd. post / Speed post only. For details, please contact Er. P.C. Patnaik, Joint Manager (Elect.), Electrical Division, IDCO, BBSR, Tel. No. 0674-2541766 during office hours or see our website www.idco.in. The authority reserves the right to accept or reject any or all the bids or parts without assigning any reason thereof.
Divisional Head (Elect.)
(ଟେଣ୍ଡର ନୋଟିସ୍)
ଶ୍ରୀ ଶ୍ରୀ ଶାରଳା ଏଣ୍ଡୋମେଣ୍ଟ, କନକପୁର ଜିଲ୍ଲା-ଜଗତସିଂହପୁର
ଏତଦ୍ୱାରା ସର୍ବସାଧାରଣଙ୍କୁ ଜଣାଇ ଦିଆଯାଉଅଛି ଯେ ସନ ୨୦୧୧-୧୨ ମସିହା ଆର୍ଥିକ ବର୍ଷ ନିମନ୍ତେ ଶ୍ରୀ ଶ୍ରୀ ଶାରଳା ଠାକୁରାଣୀଙ୍କର ଭୋଗ ଦୋକାନ, ଫିସ ଘାଟ, ପାର୍କିଂ ଜାଗା, ଗାଡ଼ି ବିକ୍ରି ଜାଗା ପାଇଁ ଆସନ୍ତା ତା ୨୫|୦୨|୨୦୧୧ରିଖ ଦିନ ୧୧ ଘଣ୍ଟିକା ସମୟରେ ଶ୍ରୀ ଶ୍ରୀ ଶାରଳା ଠାକୁରାଣୀଙ୍କ ମନ୍ଦିର ପରିସରରେ ପ୍ରକାଶ୍ୟ ନିଲାମ ଡକାଯିବ। ଇଚ୍ଛୁକ ବ୍ୟକ୍ତିମାନେ ତାଙ୍କର ଟେଣ୍ଡର ଫର୍ମ ସହ ଜମାଣି ଟଙ୍କା ଜମା କରିବେ। ଟେଣ୍ଡର ଫର୍ମ ମୂଲ୍ୟ ୫୦୦ ଟଙ୍କା (ଅଫେରସ୍ତ)। ତା ୨୦|୦୨|୨୦୧୧ରିଖ ଠାରୁ ତା ୨୪|୦୨|୨୦୧୧ରିଖ ପର୍ଯ୍ୟନ୍ତ ଅଫିସ ସମୟରେ ଟେଣ୍ଡର ଫର୍ମ ମିଳିବ। ଏହାର ସମସ୍ତ ସର୍ତ୍ତାବଳୀ ଅଫିସରେ ଉପଲବ୍ଧ। ଯେକୌଣସି ଟେଣ୍ଡରକୁ ଗ୍ରହଣ କିମ୍ବା ବାତିଲ କରିବାର ଅଧିକାର କର୍ତ୍ତୃପକ୍ଷଙ୍କ ଉପରେ ନ୍ୟସ୍ତ ରହିଲା।
ଅଧିକ ତଥ୍ୟ ପାଇଁ କାର୍ଯ୍ୟାଳୟ ସହ ଯୋଗାଯୋଗ କରିବାକୁ ଅନୁରୋଧ
ତା୧୫|୦୨|୨୦୧୧
ଶ୍ରୀଯୁକ୍ତ ନାରାୟଣ ଚନ୍ଦ୍ର ଜେନା
ଜିଲ୍ଲାପାଳ, ଜଗତସିଂହପୁର
ତଥା ସଭାପତି, ଶାରଳା ମନ୍ଦିର ଟ୍ରଷ୍ଟ
